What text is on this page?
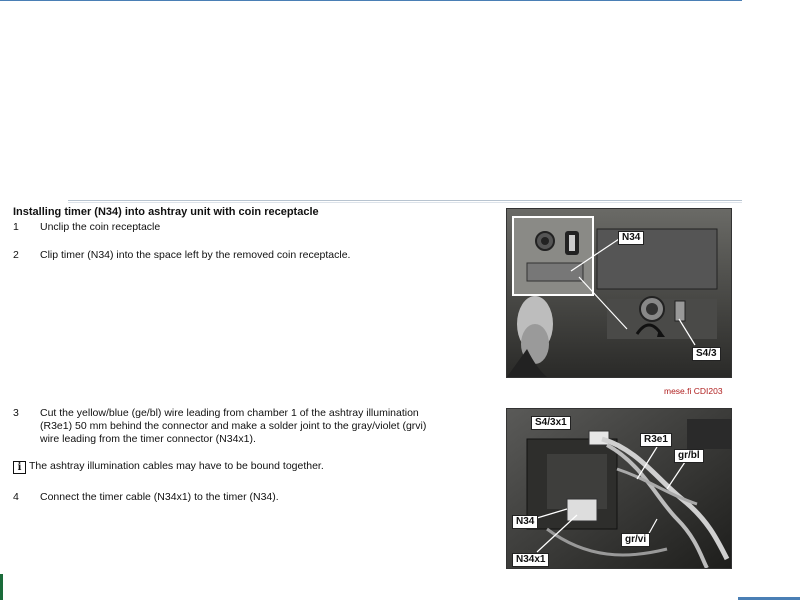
Installing timer (N34) into ashtray unit with coin receptacle
1	Unclip the coin receptacle
2	Clip timer (N34) into the space left by the removed coin receptacle.
3	Cut the yellow/blue (ge/bl) wire leading from chamber 1 of the ashtray illumination
(R3e1) 50 mm behind the connector and make a solder joint to the gray/violet (grvi)
wire leading from the timer connector (N34x1).
i The ashtray illumination cables may have to be bound together.
4	Connect the timer cable (N34x1) to the timer (N34).
N34
S4/3
mese.fi CDI203
S4/3x1
R3e1
gr/bl
N34
gr/vi
N34x1
